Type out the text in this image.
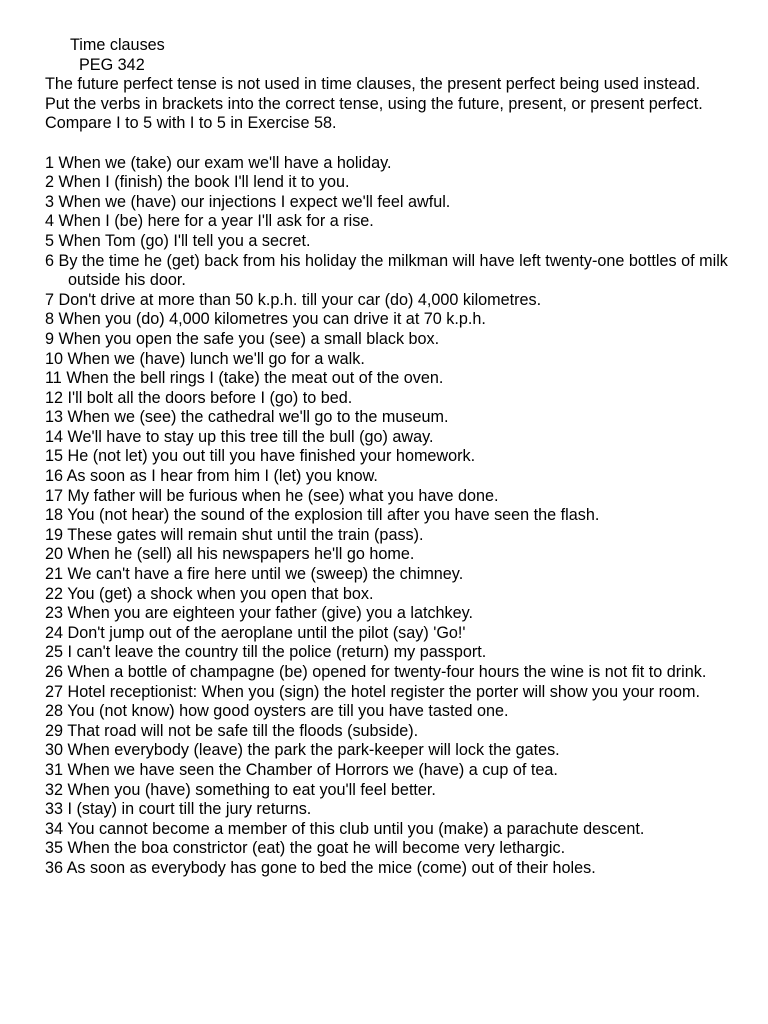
Time clauses
PEG 342

The future perfect tense is not used in time clauses, the present perfect being used instead.

Put the verbs in brackets into the correct tense, using the future, present, or present perfect. Compare I to 5 with I to 5 in Exercise 58.

1 When we (take) our exam we'll have a holiday.
2 When I (finish) the book I'll lend it to you.
3 When we (have) our injections I expect we'll feel awful.
4 When I (be) here for a year I'll ask for a rise.
5 When Tom (go) I'll tell you a secret.
6 By the time he (get) back from his holiday the milkman will have left twenty-one bottles of milk outside his door.
7 Don't drive at more than 50 k.p.h. till your car (do) 4,000 kilometres.
8 When you (do) 4,000 kilometres you can drive it at 70 k.p.h.
9 When you open the safe you (see) a small black box.
10 When we (have) lunch we'll go for a walk.
11 When the bell rings I (take) the meat out of the oven.
12 I'll bolt all the doors before I (go) to bed.
13 When we (see) the cathedral we'll go to the museum.
14 We'll have to stay up this tree till the bull (go) away.
15 He (not let) you out till you have finished your homework.
16 As soon as I hear from him I (let) you know.
17 My father will be furious when he (see) what you have done.
18 You (not hear) the sound of the explosion till after you have seen the flash.
19 These gates will remain shut until the train (pass).
20 When he (sell) all his newspapers he'll go home.
21 We can't have a fire here until we (sweep) the chimney.
22 You (get) a shock when you open that box.
23 When you are eighteen your father (give) you a latchkey.
24 Don't jump out of the aeroplane until the pilot (say) 'Go!'
25 I can't leave the country till the police (return) my passport.
26 When a bottle of champagne (be) opened for twenty-four hours the wine is not fit to drink.
27 Hotel receptionist: When you (sign) the hotel register the porter will show you your room.
28 You (not know) how good oysters are till you have tasted one.
29 That road will not be safe till the floods (subside).
30 When everybody (leave) the park the park-keeper will lock the gates.
31 When we have seen the Chamber of Horrors we (have) a cup of tea.
32 When you (have) something to eat you'll feel better.
33 I (stay) in court till the jury returns.
34 You cannot become a member of this club until you (make) a parachute descent.
35 When the boa constrictor (eat) the goat he will become very lethargic.
36 As soon as everybody has gone to bed the mice (come) out of their holes.
